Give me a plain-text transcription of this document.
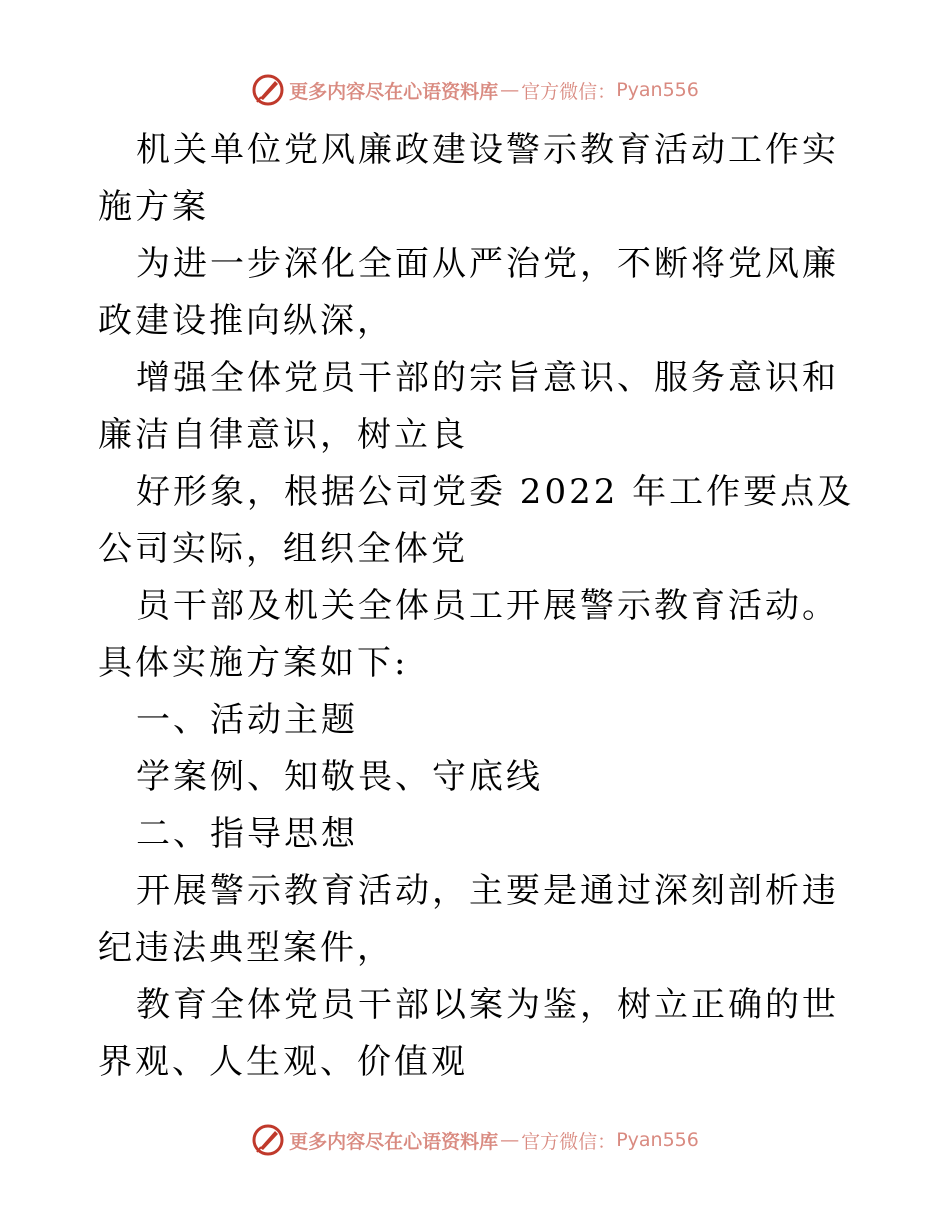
更多内容尽在心语资料库 — 官方微信： Pyan556

机关单位党风廉政建设警示教育活动工作实施方案

为进一步深化全面从严治党，不断将党风廉政建设推向纵深，

增强全体党员干部的宗旨意识、服务意识和廉洁自律意识，树立良

好形象，根据公司党委 2022 年工作要点及公司实际，组织全体党

员干部及机关全体员工开展警示教育活动。具体实施方案如下:

一、活动主题

学案例、知敬畏、守底线

二、指导思想

开展警示教育活动，主要是通过深刻剖析违纪违法典型案件，

教育全体党员干部以案为鉴，树立正确的世界观、人生观、价值观

更多内容尽在心语资料库 — 官方微信： Pyan556
